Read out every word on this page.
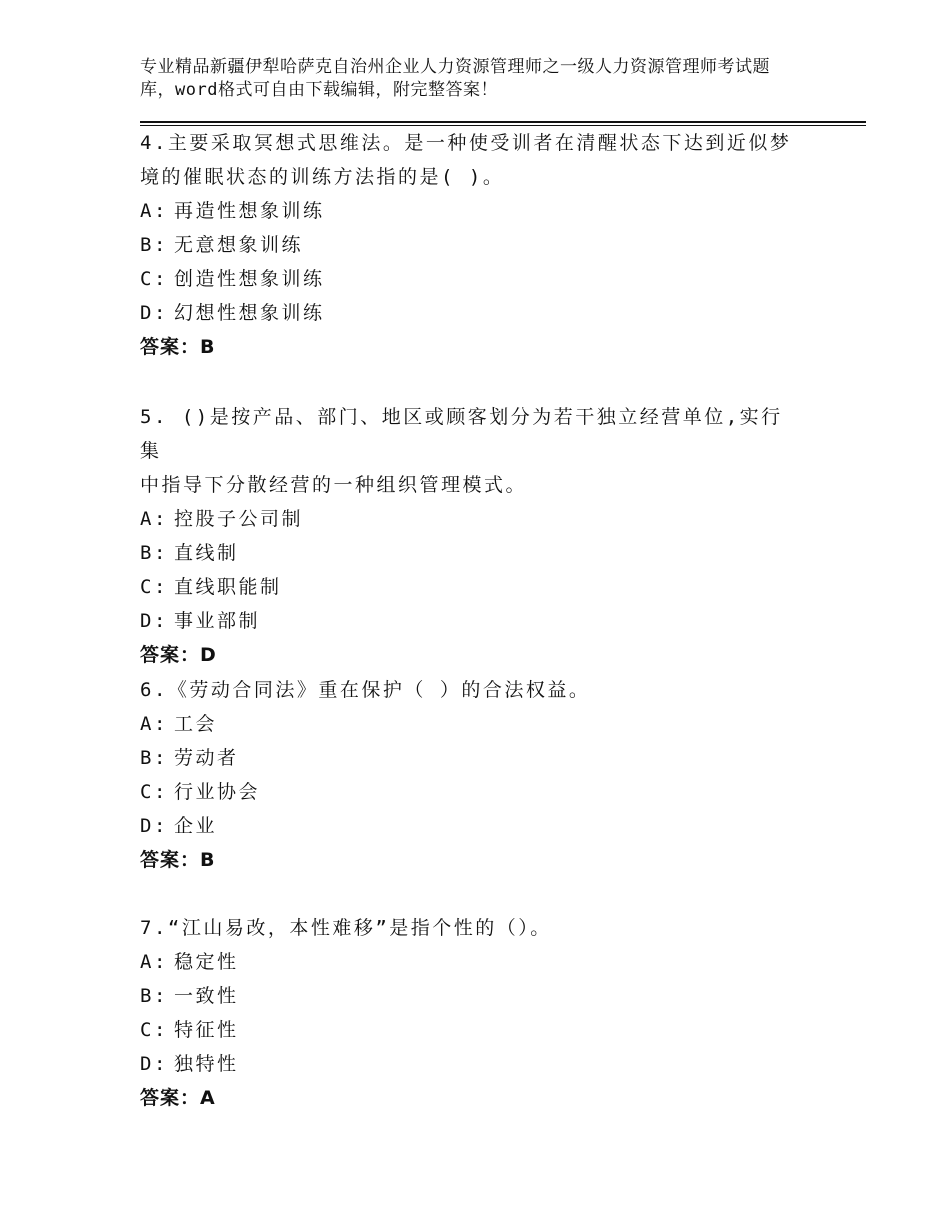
专业精品新疆伊犁哈萨克自治州企业人力资源管理师之一级人力资源管理师考试题
库，word格式可自由下载编辑，附完整答案！

4.主要采取冥想式思维法。是一种使受训者在清醒状态下达到近似梦
境的催眠状态的训练方法指的是( )。

A: 再造性想象训练

B: 无意想象训练

C: 创造性想象训练

D: 幻想性想象训练

答案：B

5. ()是按产品、部门、地区或顾客划分为若干独立经营单位,实行集
中指导下分散经营的一种组织管理模式。

A: 控股子公司制

B: 直线制

C: 直线职能制

D: 事业部制

答案：D

6.《劳动合同法》重在保护（ ）的合法权益。

A: 工会

B: 劳动者

C: 行业协会

D: 企业

答案：B

7.“江山易改，本性难移”是指个性的（）。

A: 稳定性

B: 一致性

C: 特征性

D: 独特性

答案：A
